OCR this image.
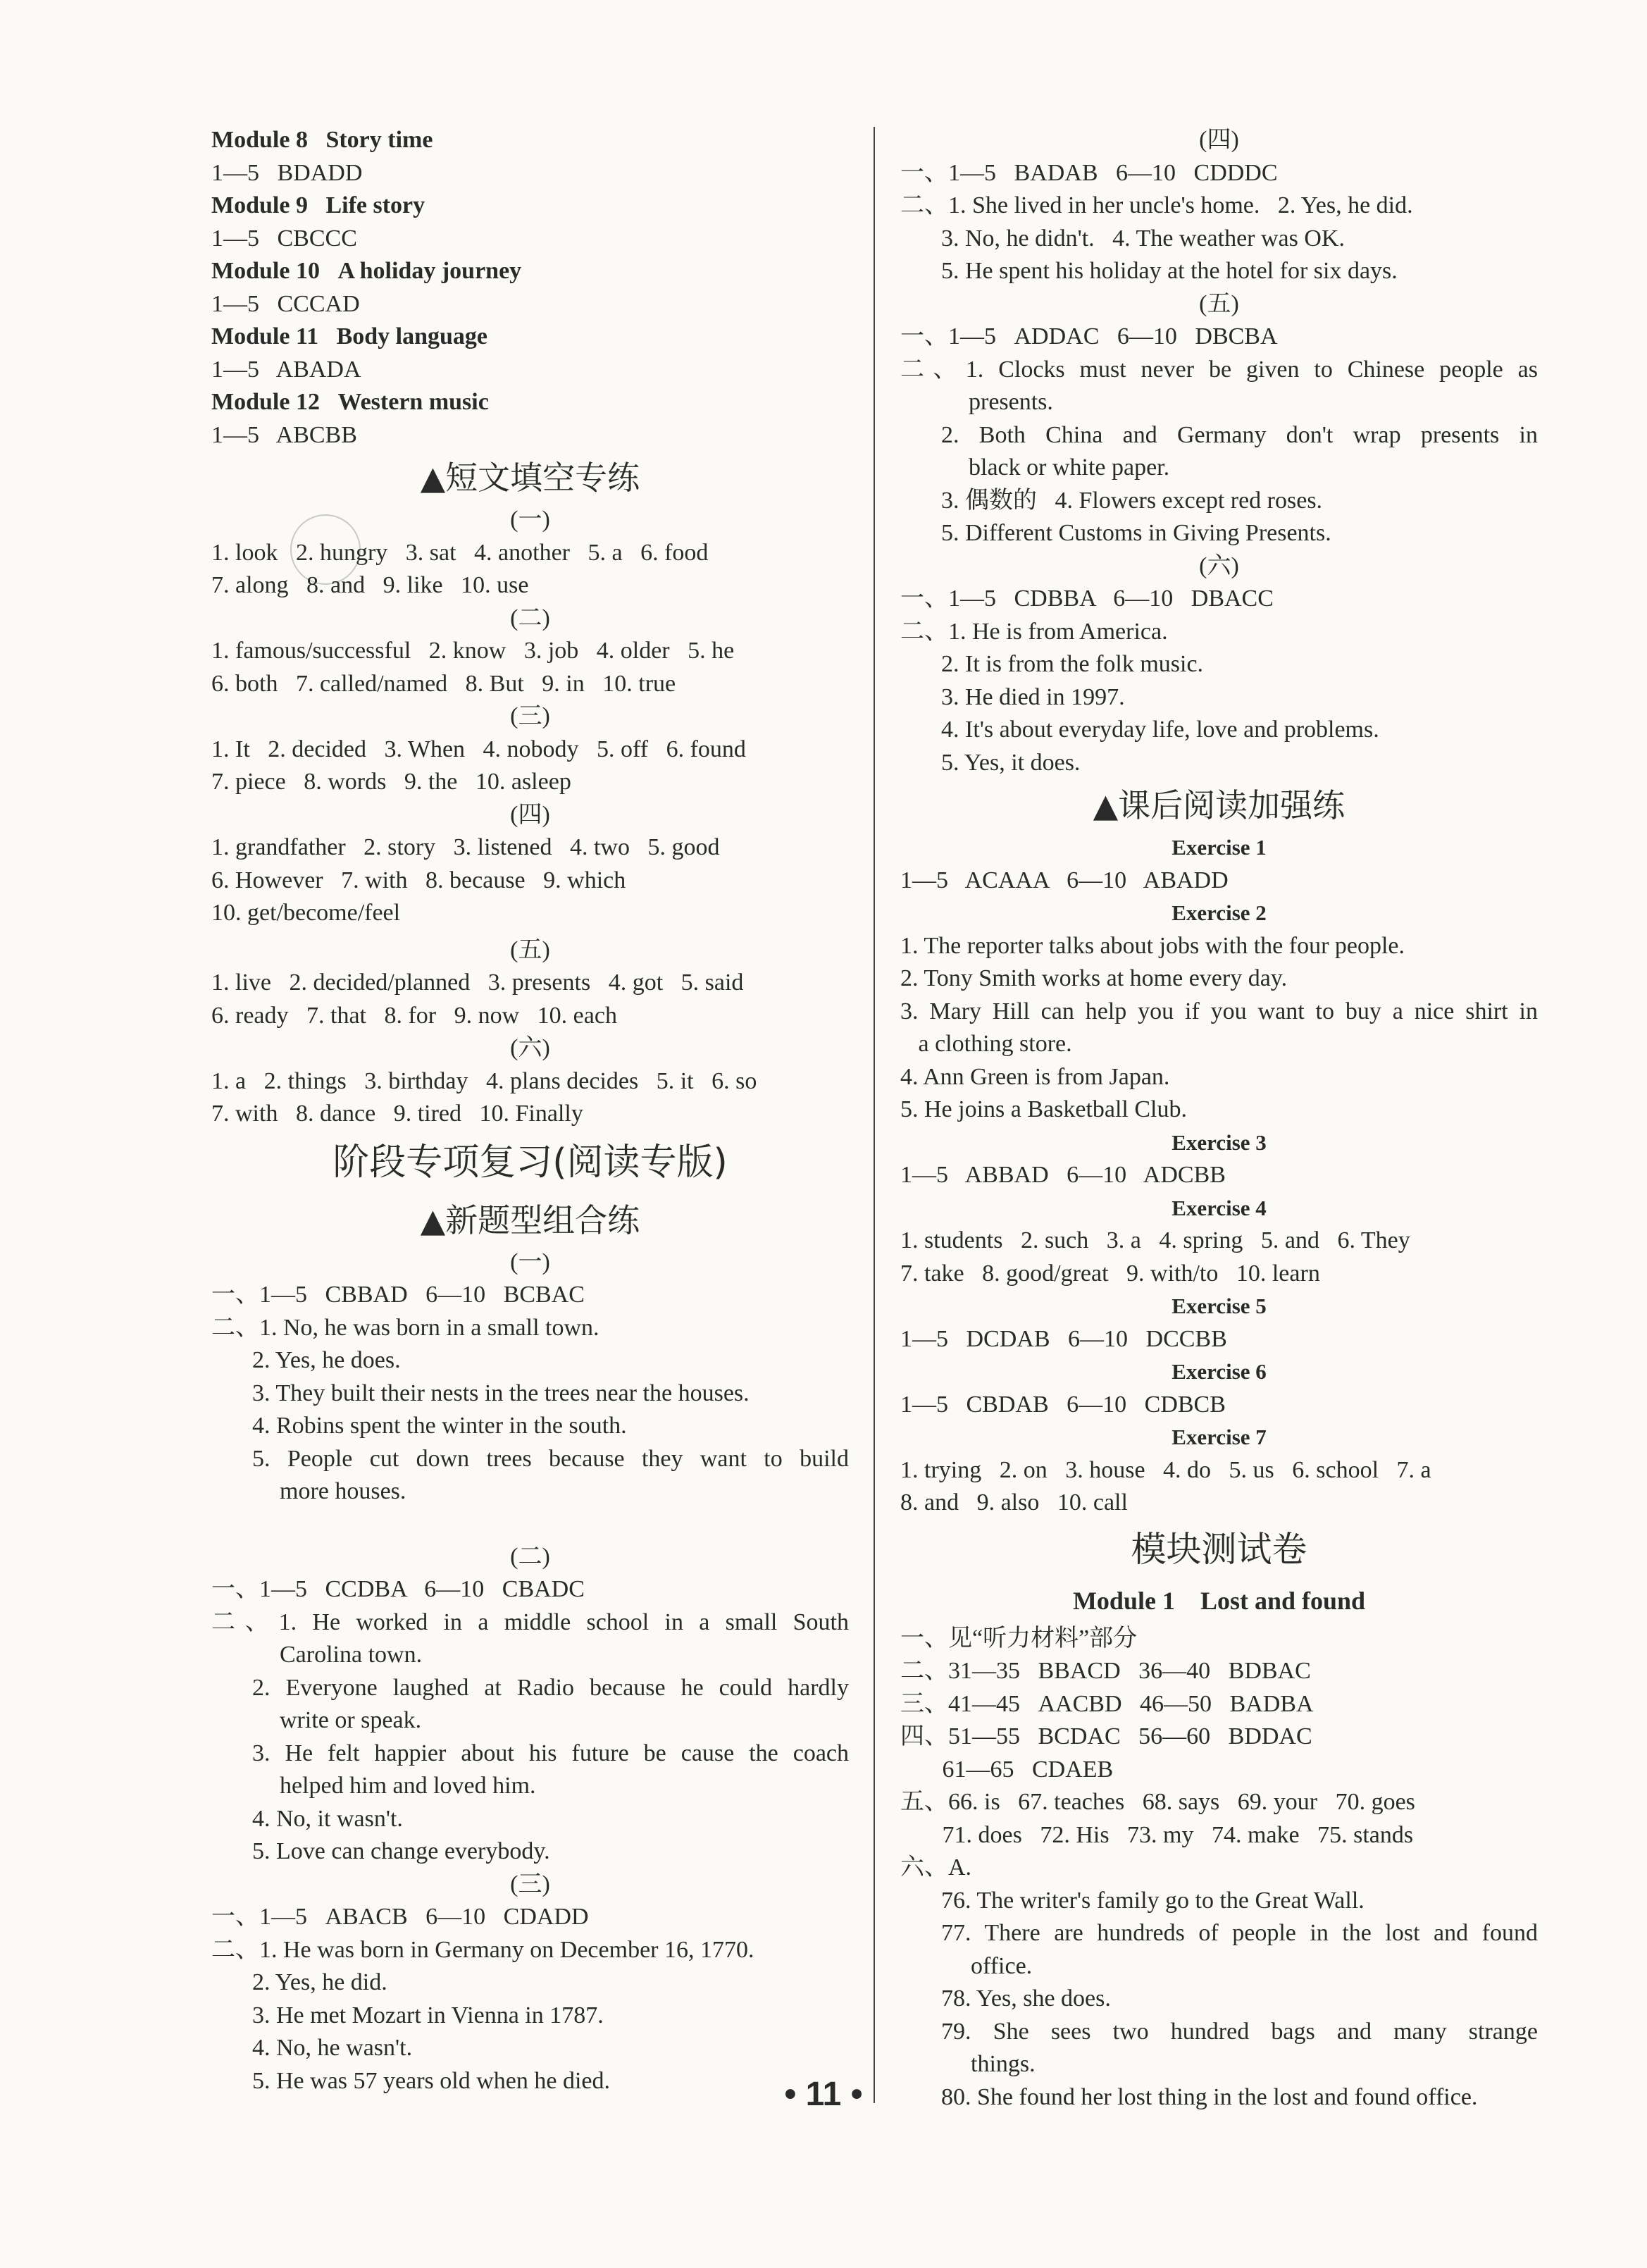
Module 8 Story time
1—5   BDADD
Module 9 Life story
1—5   CBCCC
Module 10 A holiday journey
1—5   CCCAD
Module 11 Body language
1—5   ABADA
Module 12 Western music
1—5   ABCBB
▲短文填空专练
(一)
1. look   2. hungry   3. sat   4. another   5. a   6. food
7. along   8. and   9. like   10. use
(二)
1. famous/successful   2. know   3. job   4. older   5. he
6. both   7. called/named   8. But   9. in   10. true
(三)
1. It   2. decided   3. When   4. nobody   5. off   6. found
7. piece   8. words   9. the   10. asleep
(四)
1. grandfather   2. story   3. listened   4. two   5. good
6. However   7. with   8. because   9. which
10. get/become/feel
(五)
1. live   2. decided/planned   3. presents   4. got   5. said
6. ready   7. that   8. for   9. now   10. each
(六)
1. a   2. things   3. birthday   4. plans decides   5. it   6. so
7. with   8. dance   9. tired   10. Finally
阶段专项复习(阅读专版)
▲新题型组合练
(一)
一、1—5   CBBAD   6—10   BCBAC
二、1. No, he was born in a small town.
2. Yes, he does.
3. They built their nests in the trees near the houses.
4. Robins spent the winter in the south.
5. People cut down trees because they want to build
more houses.
(二)
一、1—5   CCDBA   6—10   CBADC
二、1. He worked in a middle school in a small South
Carolina town.
2. Everyone laughed at Radio because he could hardly
write or speak.
3. He felt happier about his future be cause the coach
helped him and loved him.
4. No, it wasn't.
5. Love can change everybody.
(三)
一、1—5   ABACB   6—10   CDADD
二、1. He was born in Germany on December 16, 1770.
2. Yes, he did.
3. He met Mozart in Vienna in 1787.
4. No, he wasn't.
5. He was 57 years old when he died.
(四)
一、1—5   BADAB   6—10   CDDDC
二、1. She lived in her uncle's home.   2. Yes, he did.
3. No, he didn't.   4. The weather was OK.
5. He spent his holiday at the hotel for six days.
(五)
一、1—5   ADDAC   6—10   DBCBA
二、1. Clocks must never be given to Chinese people as
presents.
2. Both China and Germany don't wrap presents in
black or white paper.
3. 偶数的   4. Flowers except red roses.
5. Different Customs in Giving Presents.
(六)
一、1—5   CDBBA   6—10   DBACC
二、1. He is from America.
2. It is from the folk music.
3. He died in 1997.
4. It's about everyday life, love and problems.
5. Yes, it does.
▲课后阅读加强练
Exercise 1
1—5   ACAAA   6—10   ABADD
Exercise 2
1. The reporter talks about jobs with the four people.
2. Tony Smith works at home every day.
3. Mary Hill can help you if you want to buy a nice shirt in
a clothing store.
4. Ann Green is from Japan.
5. He joins a Basketball Club.
Exercise 3
1—5   ABBAD   6—10   ADCBB
Exercise 4
1. students   2. such   3. a   4. spring   5. and   6. They
7. take   8. good/great   9. with/to   10. learn
Exercise 5
1—5   DCDAB   6—10   DCCBB
Exercise 6
1—5   CBDAB   6—10   CDBCB
Exercise 7
1. trying   2. on   3. house   4. do   5. us   6. school   7. a
8. and   9. also   10. call
模块测试卷
Module 1    Lost and found
一、见“听力材料”部分
二、31—35   BBACD   36—40   BDBAC
三、41—45   AACBD   46—50   BADBA
四、51—55   BCDAC   56—60   BDDAC
61—65   CDAEB
五、66. is   67. teaches   68. says   69. your   70. goes
71. does   72. His   73. my   74. make   75. stands
六、A.
76. The writer's family go to the Great Wall.
77. There are hundreds of people in the lost and found
office.
78. Yes, she does.
79. She sees two hundred bags and many strange
things.
80. She found her lost thing in the lost and found office.
• 11 •
